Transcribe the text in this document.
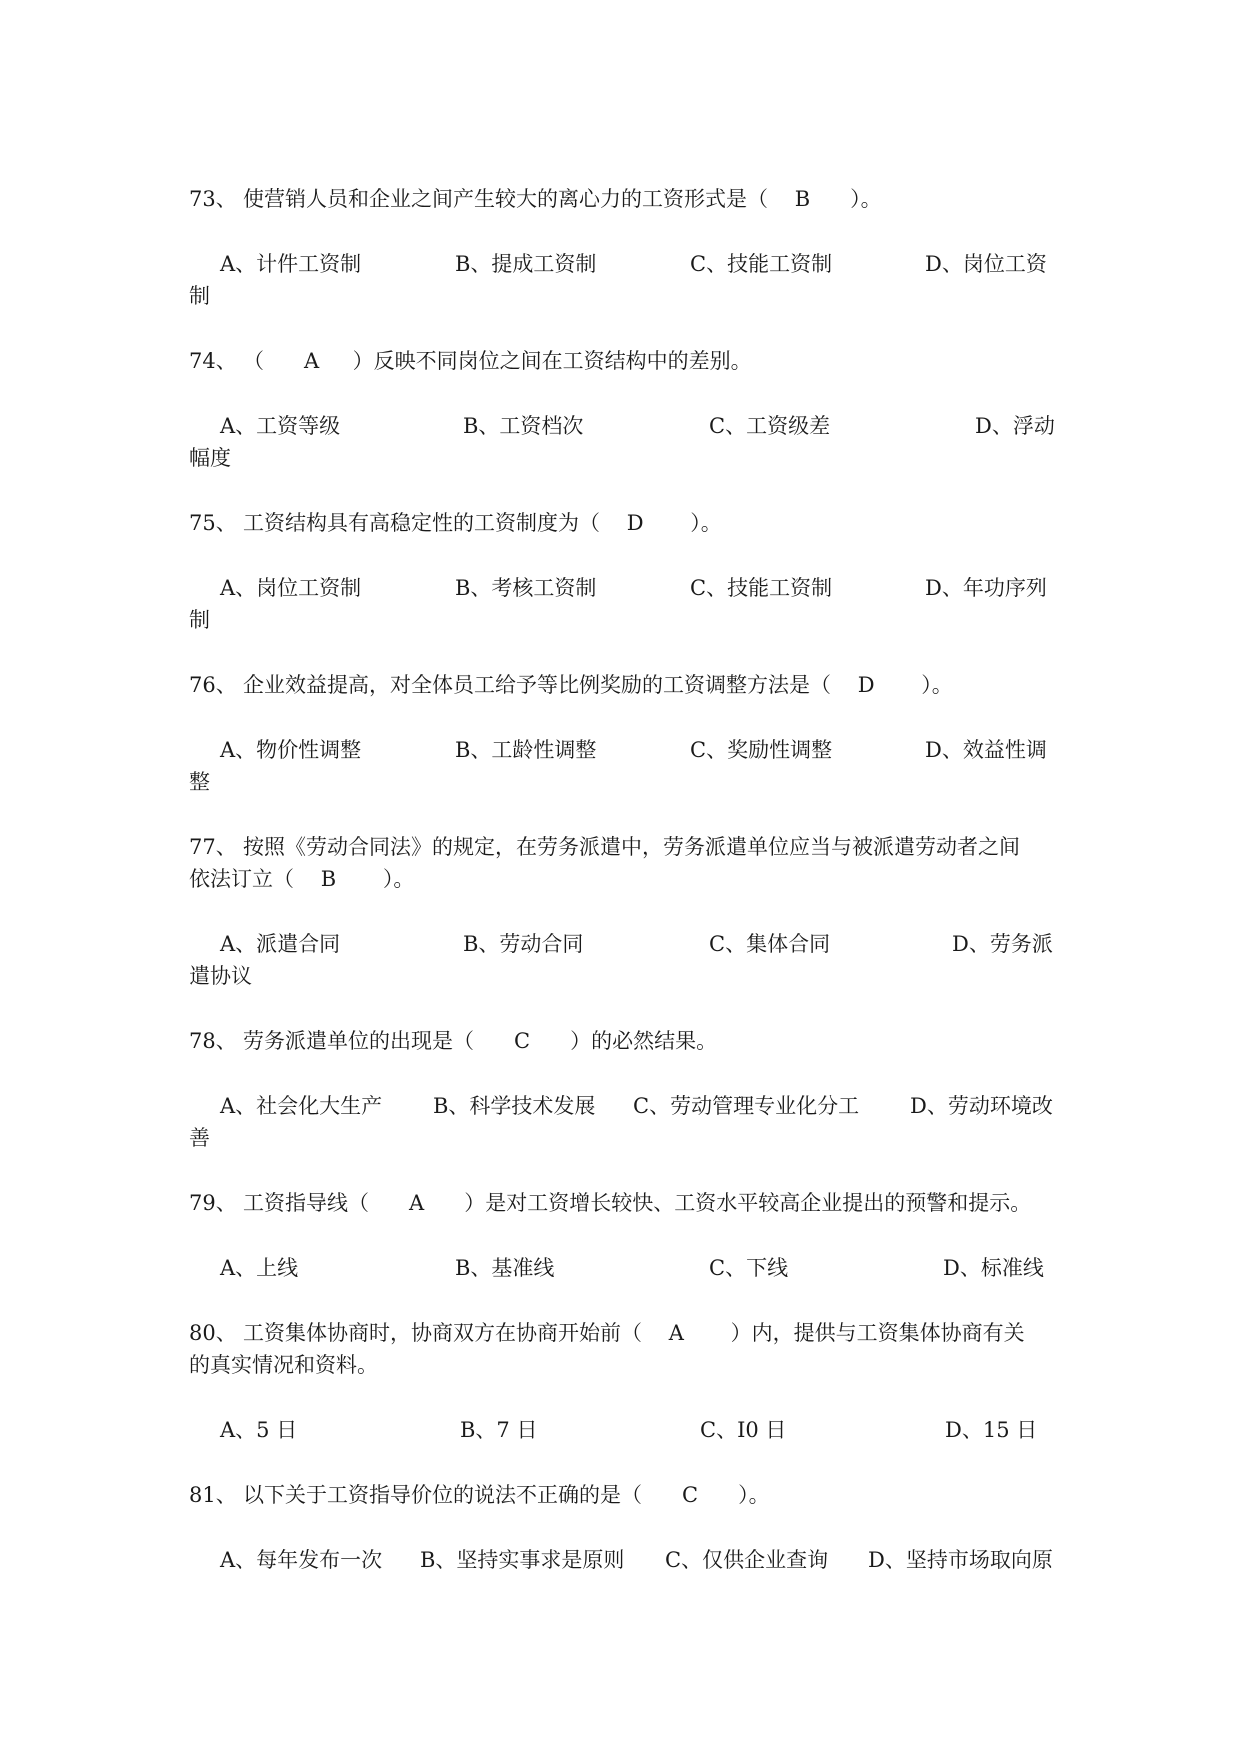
73、 使营销人员和企业之间产生较大的离心力的工资形式是（    B      ）。
A、计件工资制	B、提成工资制	C、技能工资制	D、岗位工资
制
74、 （      A     ）反映不同岗位之间在工资结构中的差别。
A、工资等级	B、工资档次	C、工资级差	D、浮动
幅度
75、 工资结构具有高稳定性的工资制度为（    D       ）。
A、岗位工资制	B、考核工资制	C、技能工资制	D、年功序列
制
76、 企业效益提高，对全体员工给予等比例奖励的工资调整方法是（    D       ）。
A、物价性调整	B、工龄性调整	C、奖励性调整	D、效益性调
整
77、 按照《劳动合同法》的规定，在劳务派遣中，劳务派遣单位应当与被派遣劳动者之间
依法订立（    B       ）。
A、派遣合同	B、劳动合同	C、集体合同	D、劳务派
遣协议
78、 劳务派遣单位的出现是（      C      ）的必然结果。
A、社会化大生产 B、科学技术发展 C、劳动管理专业化分工 D、劳动环境改
善
79、 工资指导线（      A      ）是对工资增长较快、工资水平较高企业提出的预警和提示。
A、上线	B、基准线	C、下线	D、标准线
80、 工资集体协商时，协商双方在协商开始前（    A       ）内，提供与工资集体协商有关
的真实情况和资料。
A、5 日	B、7 日	C、I0 日	D、15 日
81、 以下关于工资指导价位的说法不正确的是（      C      ）。
A、每年发布一次 B、坚持实事求是原则 C、仅供企业查询 D、坚持市场取向原
